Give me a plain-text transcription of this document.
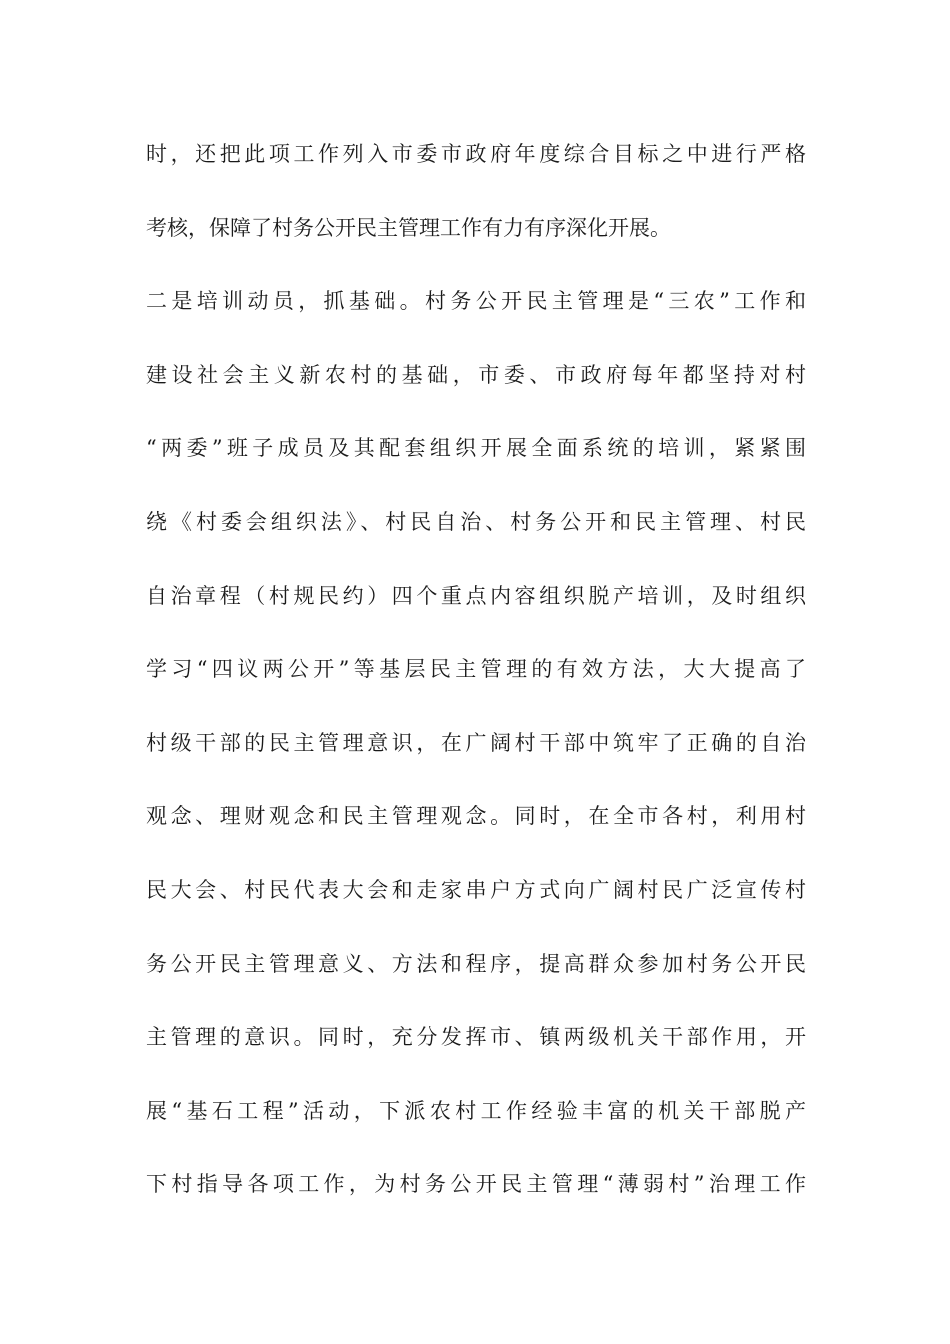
时，还把此项工作列入市委市政府年度综合目标之中进行严格
考核，保障了村务公开民主管理工作有力有序深化开展。
二是培训动员，抓基础。村务公开民主管理是“三农”工作和
建设社会主义新农村的基础，市委、市政府每年都坚持对村
“两委”班子成员及其配套组织开展全面系统的培训，紧紧围
绕《村委会组织法》、村民自治、村务公开和民主管理、村民
自治章程（村规民约）四个重点内容组织脱产培训，及时组织
学习“四议两公开”等基层民主管理的有效方法，大大提高了
村级干部的民主管理意识，在广阔村干部中筑牢了正确的自治
观念、理财观念和民主管理观念。同时，在全市各村，利用村
民大会、村民代表大会和走家串户方式向广阔村民广泛宣传村
务公开民主管理意义、方法和程序，提高群众参加村务公开民
主管理的意识。同时，充分发挥市、镇两级机关干部作用，开
展“基石工程”活动，下派农村工作经验丰富的机关干部脱产
下村指导各项工作，为村务公开民主管理“薄弱村”治理工作
